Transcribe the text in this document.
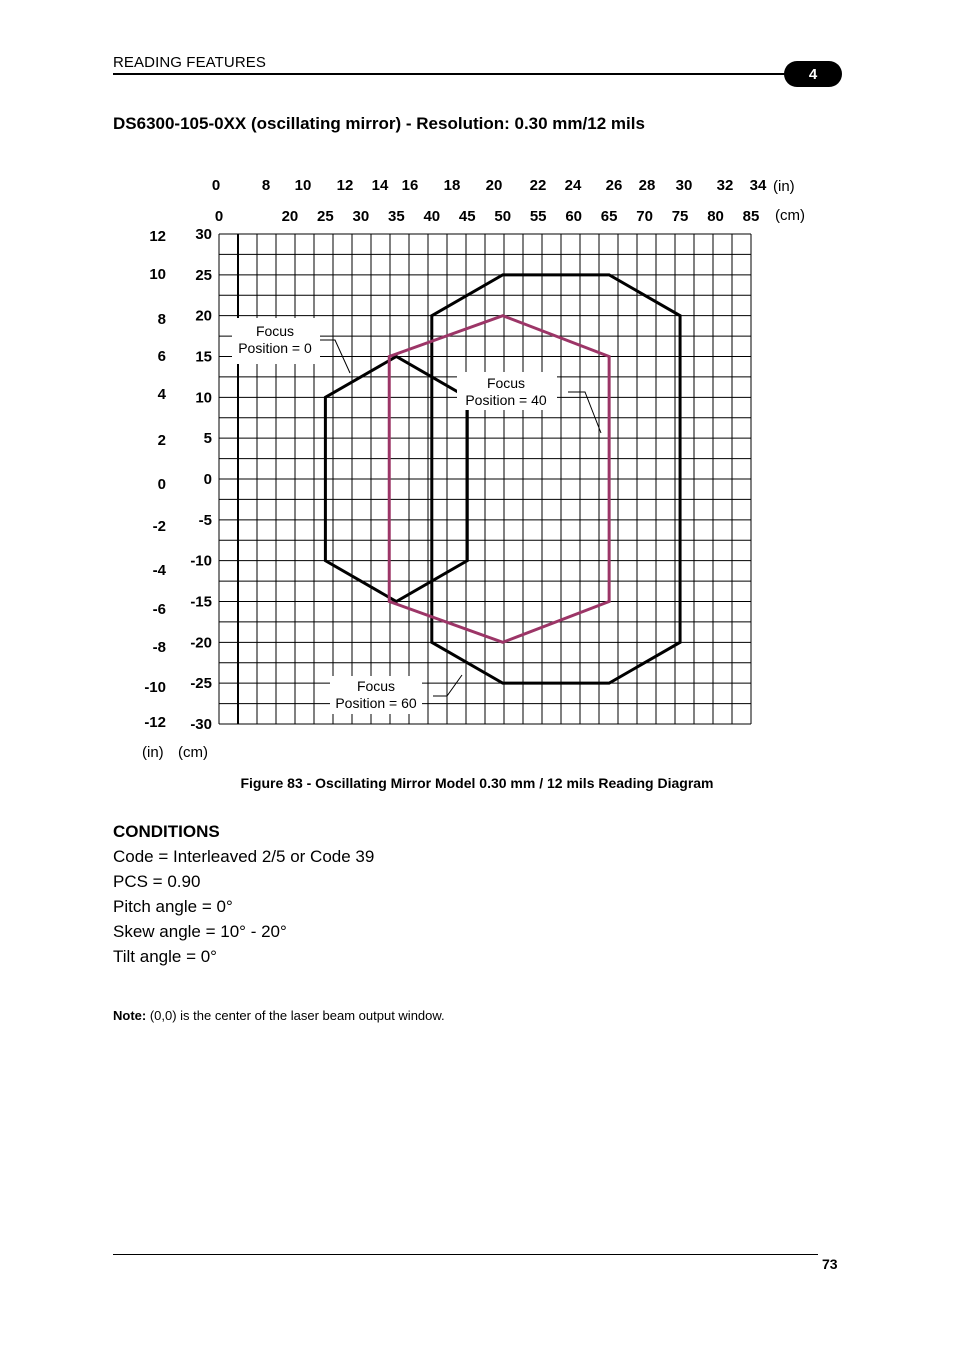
READING FEATURES
4
DS6300-105-0XX (oscillating mirror) - Resolution: 0.30 mm/12 mils
0	8 10 12 14 16 18 20 22 24 26 28 30 32 34
0	20 25 30 35 40 45 50 55 60 65 70 75 80 85
12
10
8
6
4
2
0
-2
-4
-6
-8
-10
-12
30
25
20
15
10
5
0
-5
-10
-15
-20
-25
-30
Focus
Position = 0
Focus
Position = 40
Focus
Position = 60
(in)
(cm)
(in) (cm)
Figure 83 - Oscillating Mirror Model 0.30 mm / 12 mils Reading Diagram
CONDITIONS
Code = Interleaved 2/5 or Code 39
PCS = 0.90
Pitch angle = 0°
Skew angle = 10° - 20°
Tilt angle = 0°
Note: (0,0) is the center of the laser beam output window.
73
